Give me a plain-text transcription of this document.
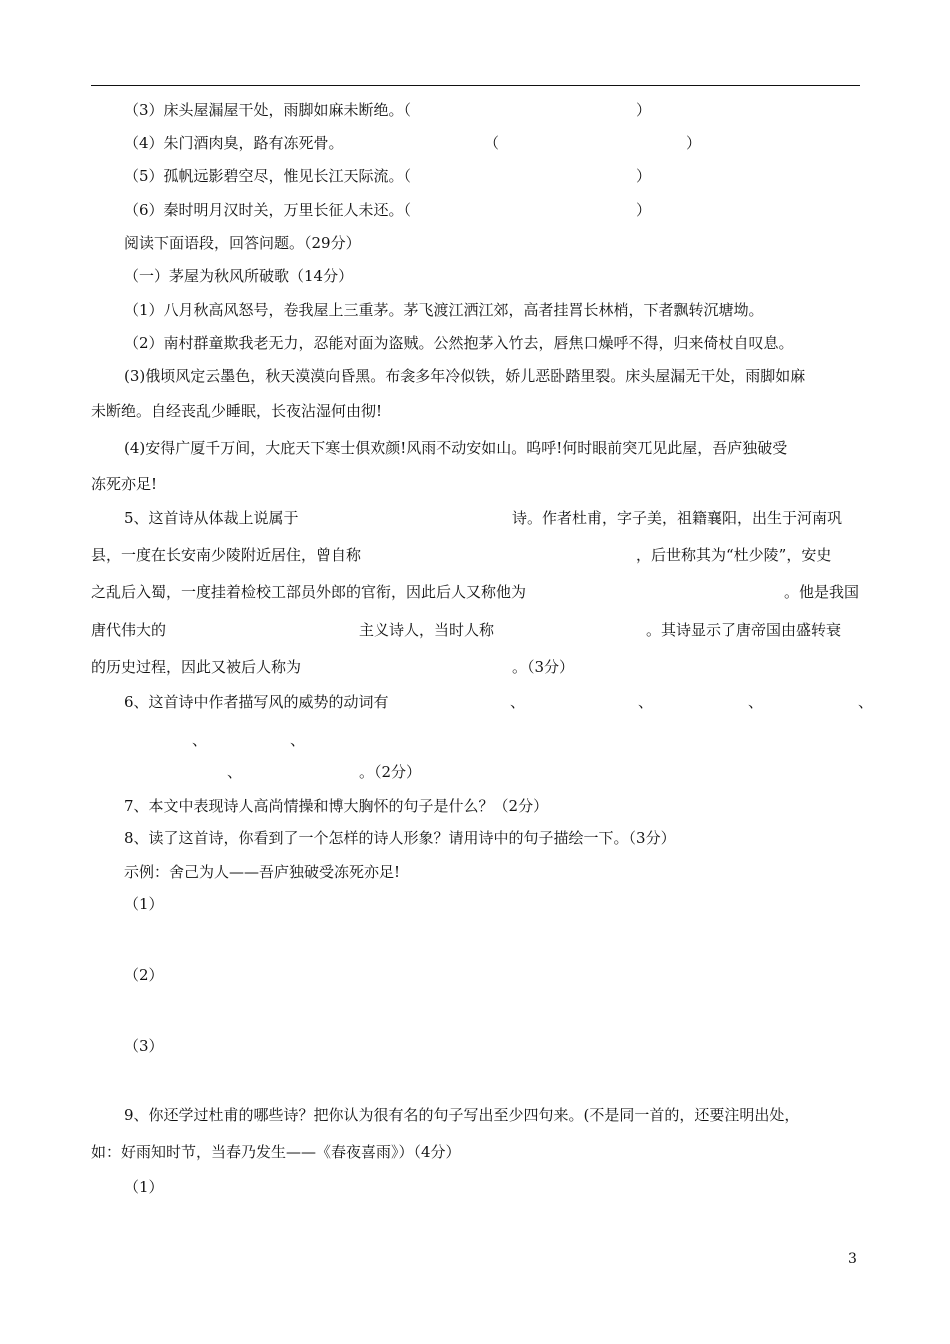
（3）床头屋漏屋干处，雨脚如麻未断绝。（	）
（4）朱门酒肉臭，路有冻死骨。	（	）
（5）孤帆远影碧空尽，惟见长江天际流。（	）
（6）秦时明月汉时关，万里长征人未还。（	）
阅读下面语段，回答问题。（29分）
（一）茅屋为秋风所破歌（14分）
（1）八月秋高风怒号，卷我屋上三重茅。茅飞渡江洒江郊，高者挂罥长林梢，下者飘转沉塘坳。
（2）南村群童欺我老无力，忍能对面为盗贼。公然抱茅入竹去，唇焦口燥呼不得，归来倚杖自叹息。
(3)俄顷风定云墨色，秋天漠漠向昏黑。布衾多年冷似铁，娇儿恶卧踏里裂。床头屋漏无干处，雨脚如麻
未断绝。自经丧乱少睡眠，长夜沾湿何由彻!
(4)安得广厦千万间，大庇天下寒士俱欢颜!风雨不动安如山。呜呼!何时眼前突兀见此屋，吾庐独破受
冻死亦足!
5、这首诗从体裁上说属于	诗。作者杜甫，字子美，祖籍襄阳，出生于河南巩
县，一度在长安南少陵附近居住，曾自称	，后世称其为“杜少陵”，安史
之乱后入蜀，一度挂着检校工部员外郎的官衔，因此后人又称他为	。他是我国
唐代伟大的	主义诗人，当时人称	。其诗显示了唐帝国由盛转衰
的历史过程，因此又被后人称为	。（3分）
6、这首诗中作者描写风的威势的动词有	、	、	、	、
、	、
、	。（2分）
7、本文中表现诗人高尚情操和博大胸怀的句子是什么？（2分）
8、读了这首诗，你看到了一个怎样的诗人形象？请用诗中的句子描绘一下。（3分）
示例：舍己为人——吾庐独破受冻死亦足!
（1）
（2）
（3）
9、你还学过杜甫的哪些诗？把你认为很有名的句子写出至少四句来。(不是同一首的，还要注明出处，
如：好雨知时节，当春乃发生——《春夜喜雨》）（4分）
（1）
3
